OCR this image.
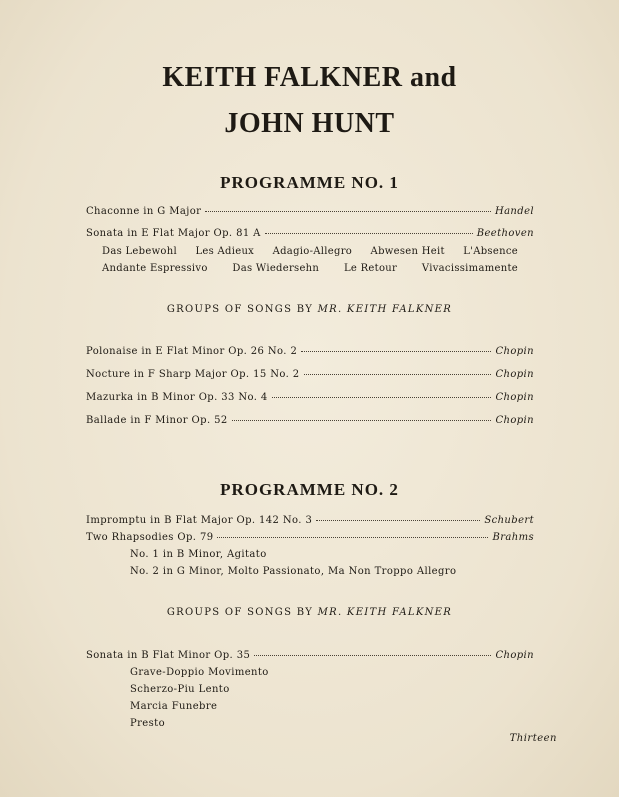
KEITH FALKNER and
JOHN HUNT
PROGRAMME NO. 1
Chaconne in G Major	Handel
Sonata in E Flat Major Op. 81 A	Beethoven
Das Lebewohl Les Adieux Adagio-Allegro Abwesen Heit L'Absence
Andante Espressivo Das Wiedersehn Le Retour Vivacissimamente
GROUPS OF SONGS BY MR. KEITH FALKNER
Polonaise in E Flat Minor Op. 26 No. 2	Chopin
Nocture in F Sharp Major Op. 15 No. 2	Chopin
Mazurka in B Minor Op. 33 No. 4	Chopin
Ballade in F Minor Op. 52	Chopin
PROGRAMME NO. 2
Impromptu in B Flat Major Op. 142 No. 3	Schubert
Two Rhapsodies Op. 79	Brahms
No. 1 in B Minor, Agitato
No. 2 in G Minor, Molto Passionato, Ma Non Troppo Allegro
GROUPS OF SONGS BY MR. KEITH FALKNER
Sonata in B Flat Minor Op. 35	Chopin
Grave-Doppio Movimento
Scherzo-Piu Lento
Marcia Funebre
Presto
Thirteen
